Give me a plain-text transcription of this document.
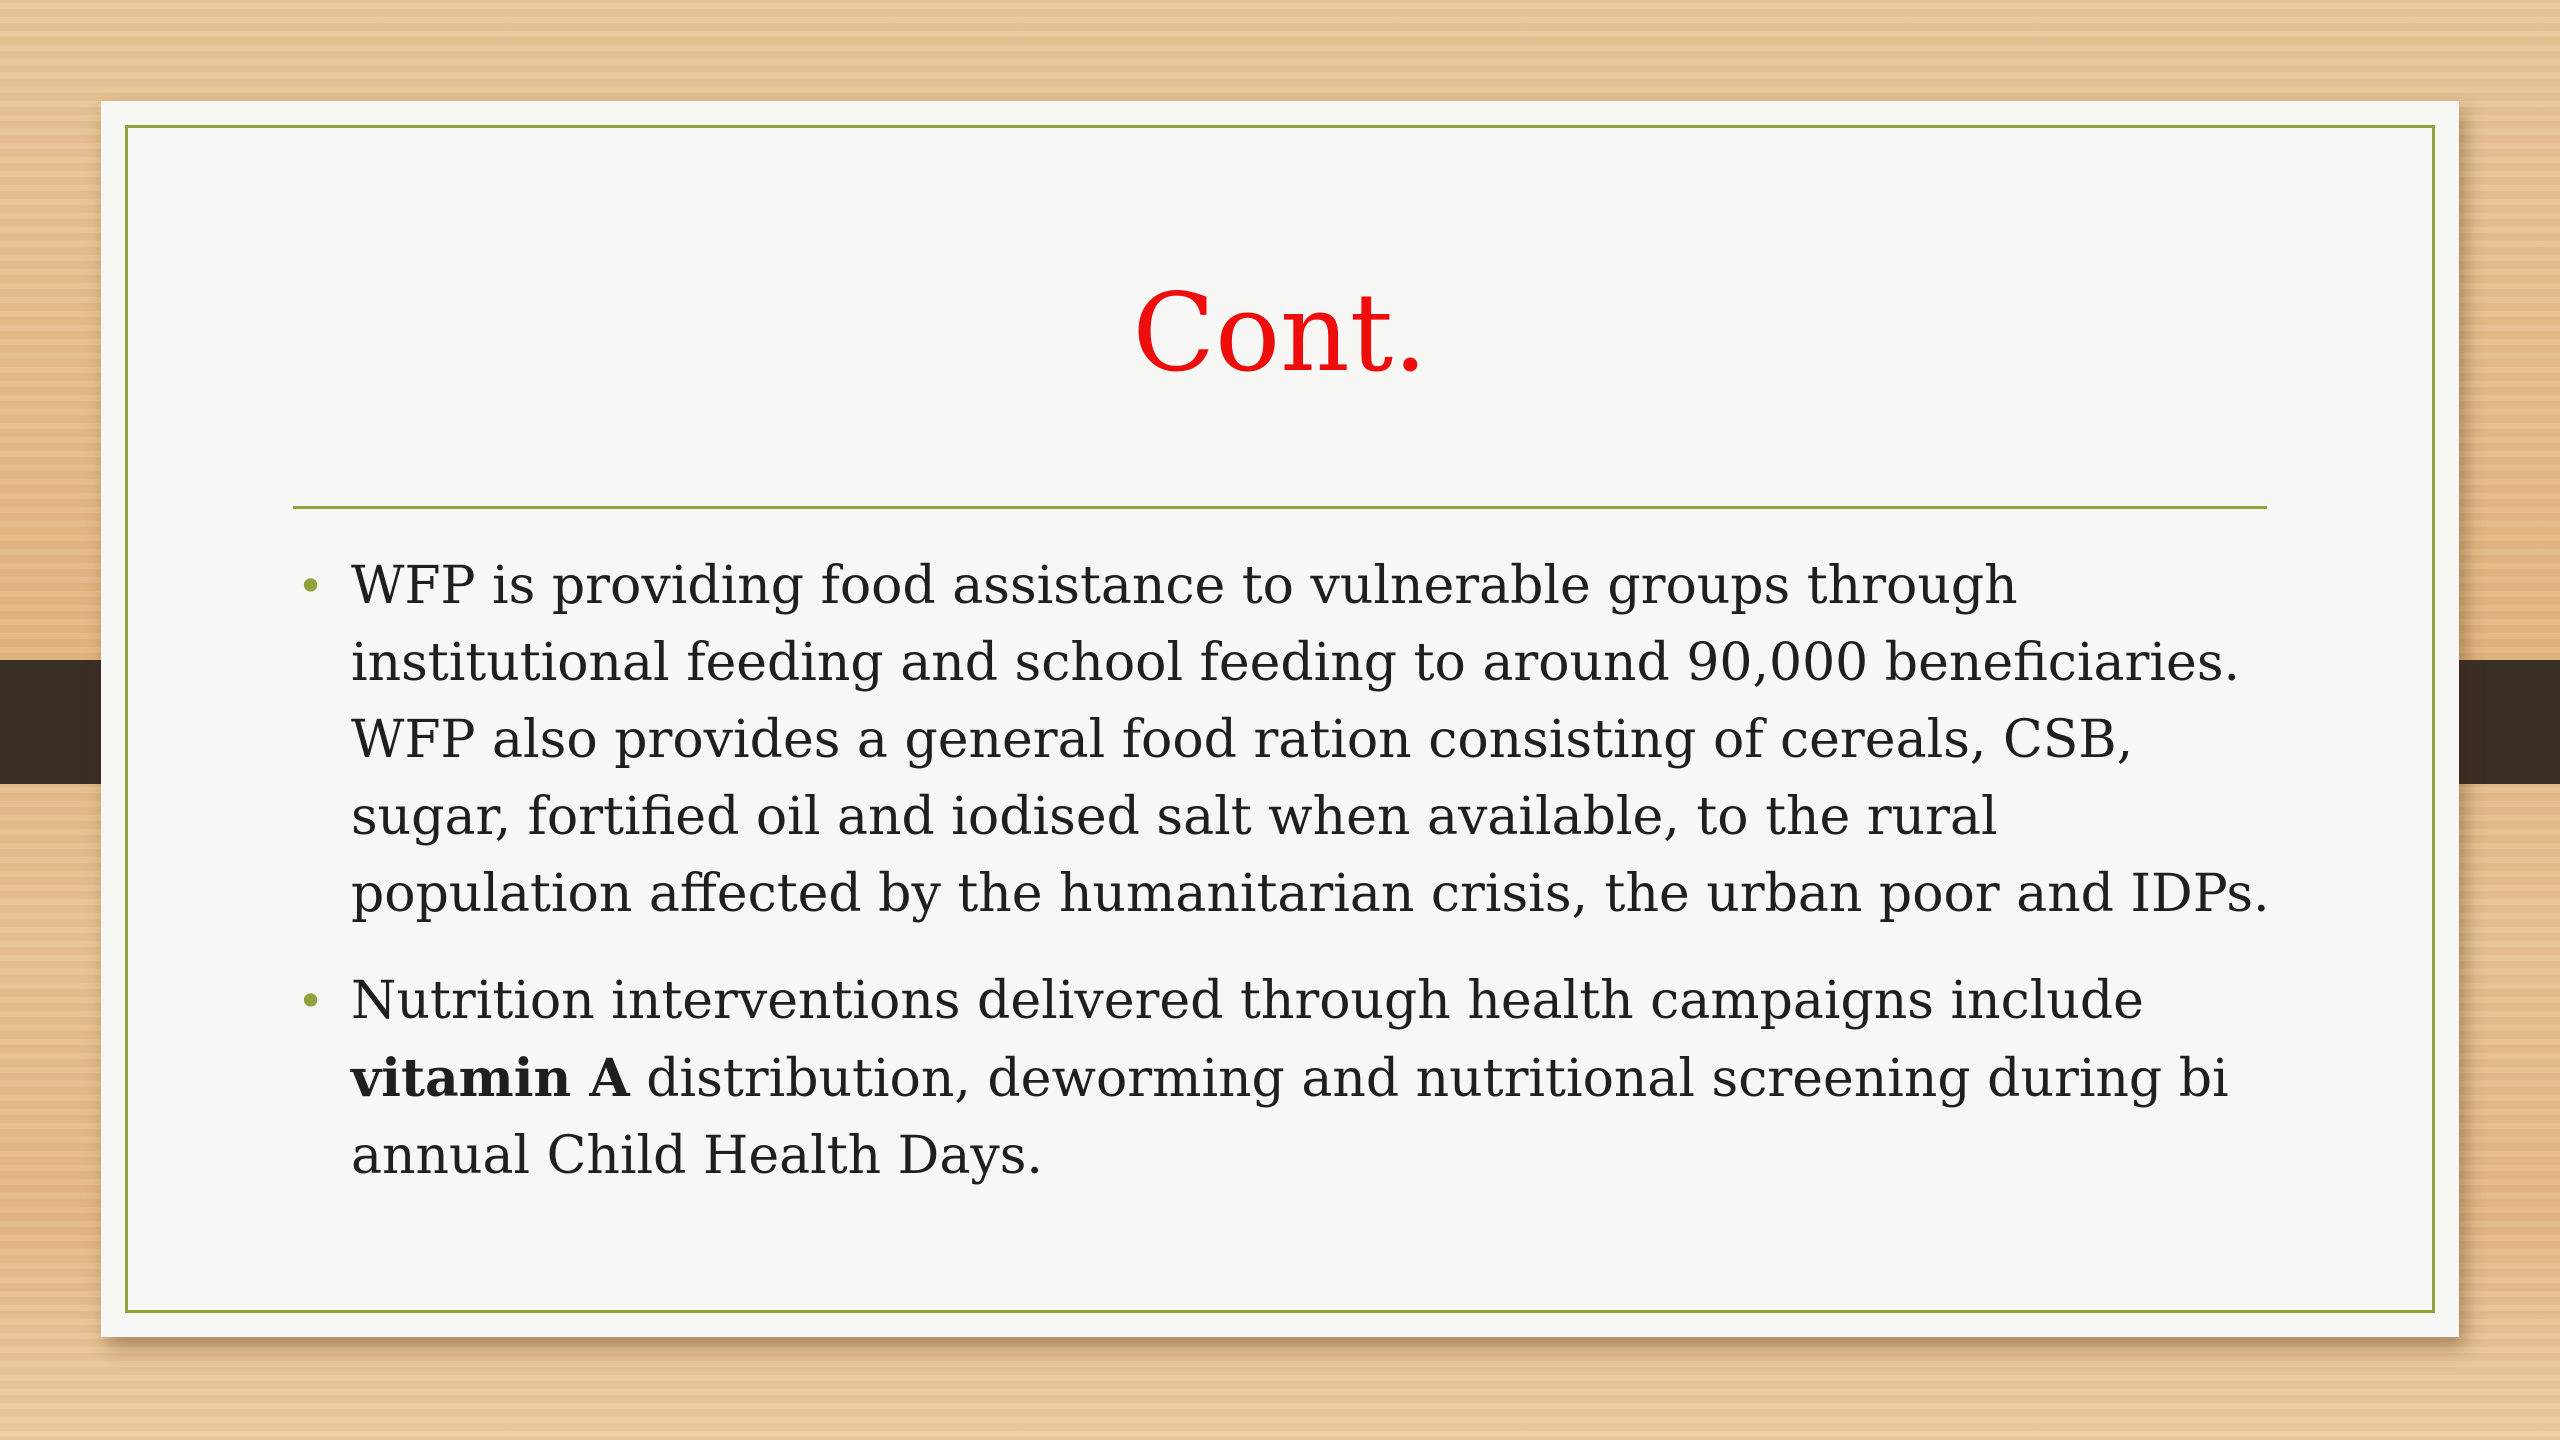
Cont.
• WFP is providing food assistance to vulnerable groups through institutional feeding and school feeding to around 90,000 beneficiaries. WFP also provides a general food ration consisting of cereals, CSB, sugar, fortified oil and iodised salt when available, to the rural population affected by the humanitarian crisis, the urban poor and IDPs.
• Nutrition interventions delivered through health campaigns include vitamin A distribution, deworming and nutritional screening during bi annual Child Health Days.
